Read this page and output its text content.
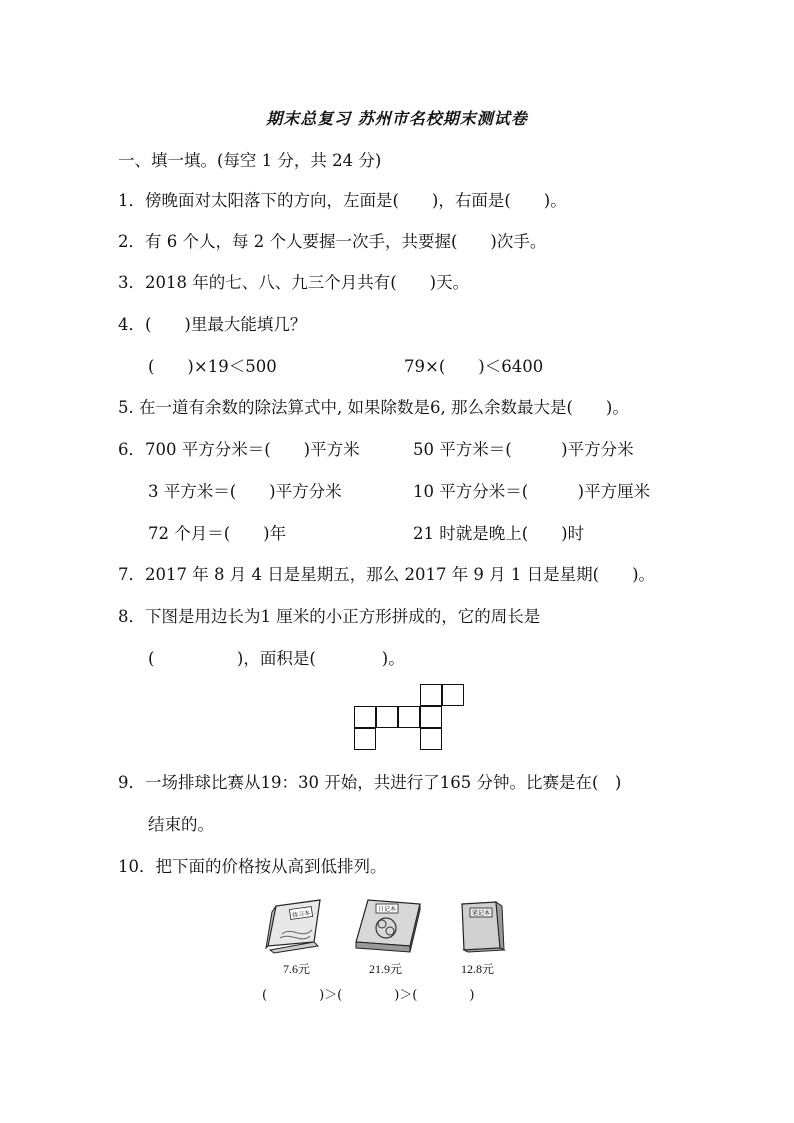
期末总复习 苏州市名校期末测试卷
一、填一填。(每空 1 分，共 24 分)
1．傍晚面对太阳落下的方向，左面是(　　)，右面是(　　)。
2．有 6 个人，每 2 个人要握一次手，共要握(　　)次手。
3．2018 年的七、八、九三个月共有(　　)天。
4．(　　)里最大能填几？
(　　)×19＜500	79×(　　)＜6400
5. 在一道有余数的除法算式中, 如果除数是6, 那么余数最大是(　　)。
6．700 平方分米＝(　　)平方米	50 平方米＝(　　　)平方分米
3 平方米＝(　　)平方分米	10 平方分米＝(　　　)平方厘米
72 个月＝(　　)年	21 时就是晚上(　　)时
7．2017 年 8 月 4 日是星期五，那么 2017 年 9 月 1 日是星期(　　)。
8．下图是用边长为1 厘米的小正方形拼成的，它的周长是
(　　　　　)，面积是(　　　　)。
9．一场排球比赛从19：30 开始，共进行了165 分钟。比赛是在(　)
结束的。
10．把下面的价格按从高到低排列。
练习本
日记本
笔记本
7.6元	21.9元	12.8元
(　　　　)＞(　　　　)＞(　　　　)
